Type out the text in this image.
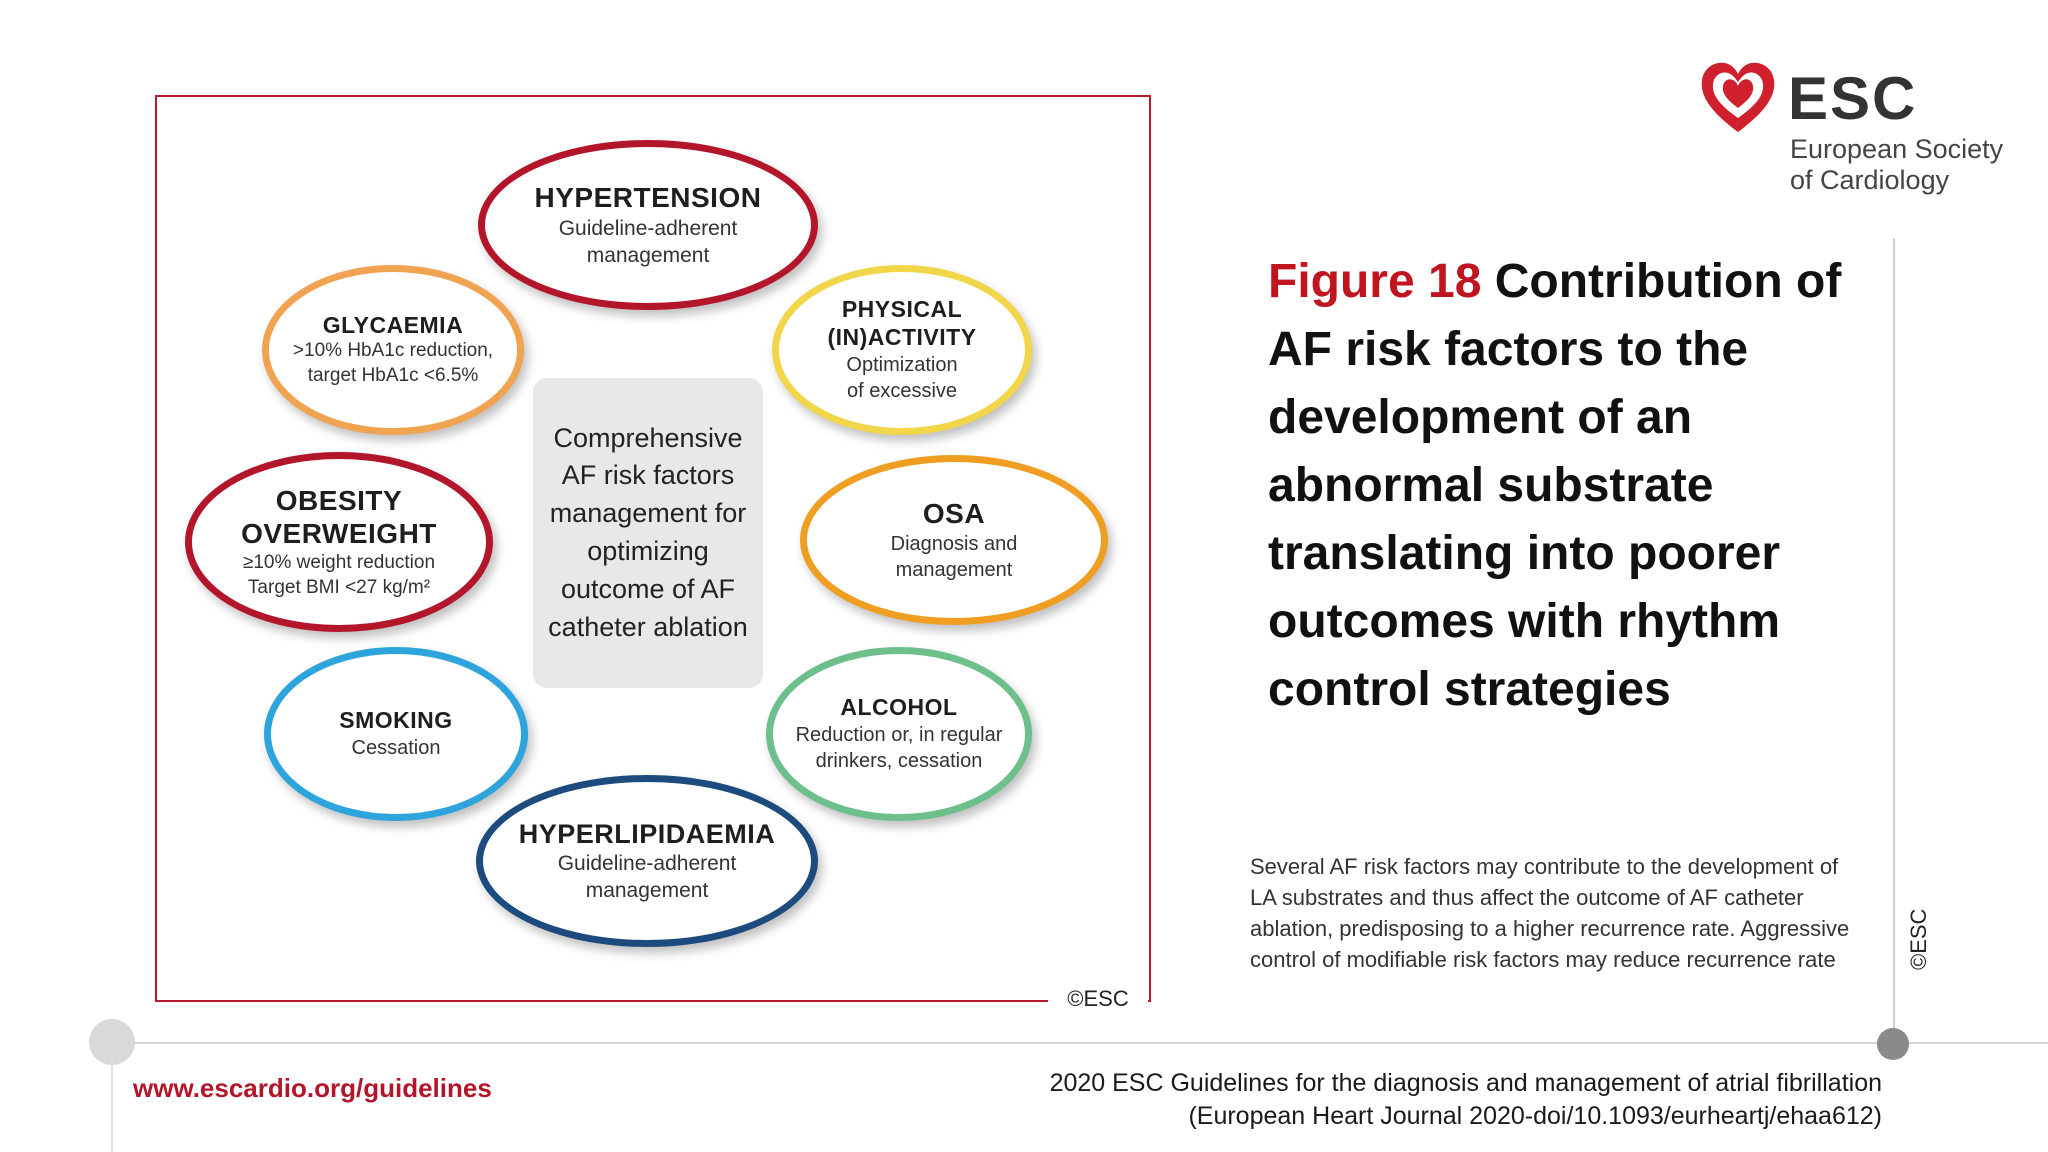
©ESC
HYPERTENSION
Guideline-adherent
management
GLYCAEMIA
>10% HbA1c reduction,
target HbA1c <6.5%
PHYSICAL
(IN)ACTIVITY
Optimization
of excessive
OBESITY
OVERWEIGHT
≥10% weight reduction
Target BMI <27 kg/m²
Comprehensive AF risk factors management for optimizing outcome of AF catheter ablation
OSA
Diagnosis and
management
SMOKING
Cessation
ALCOHOL
Reduction or, in regular
drinkers, cessation
HYPERLIPIDAEMIA
Guideline-adherent
management
ESC
European Society
of Cardiology
Figure 18 Contribution of AF risk factors to the development of an abnormal substrate translating into poorer outcomes with rhythm control strategies
Several AF risk factors may contribute to the development of LA substrates and thus affect the outcome of AF catheter ablation, predisposing to a higher recurrence rate. Aggressive control of modifiable risk factors may reduce recurrence rate	©ESC
www.escardio.org/guidelines	2020 ESC Guidelines for the diagnosis and management of atrial fibrillation
(European Heart Journal 2020-doi/10.1093/eurheartj/ehaa612)
